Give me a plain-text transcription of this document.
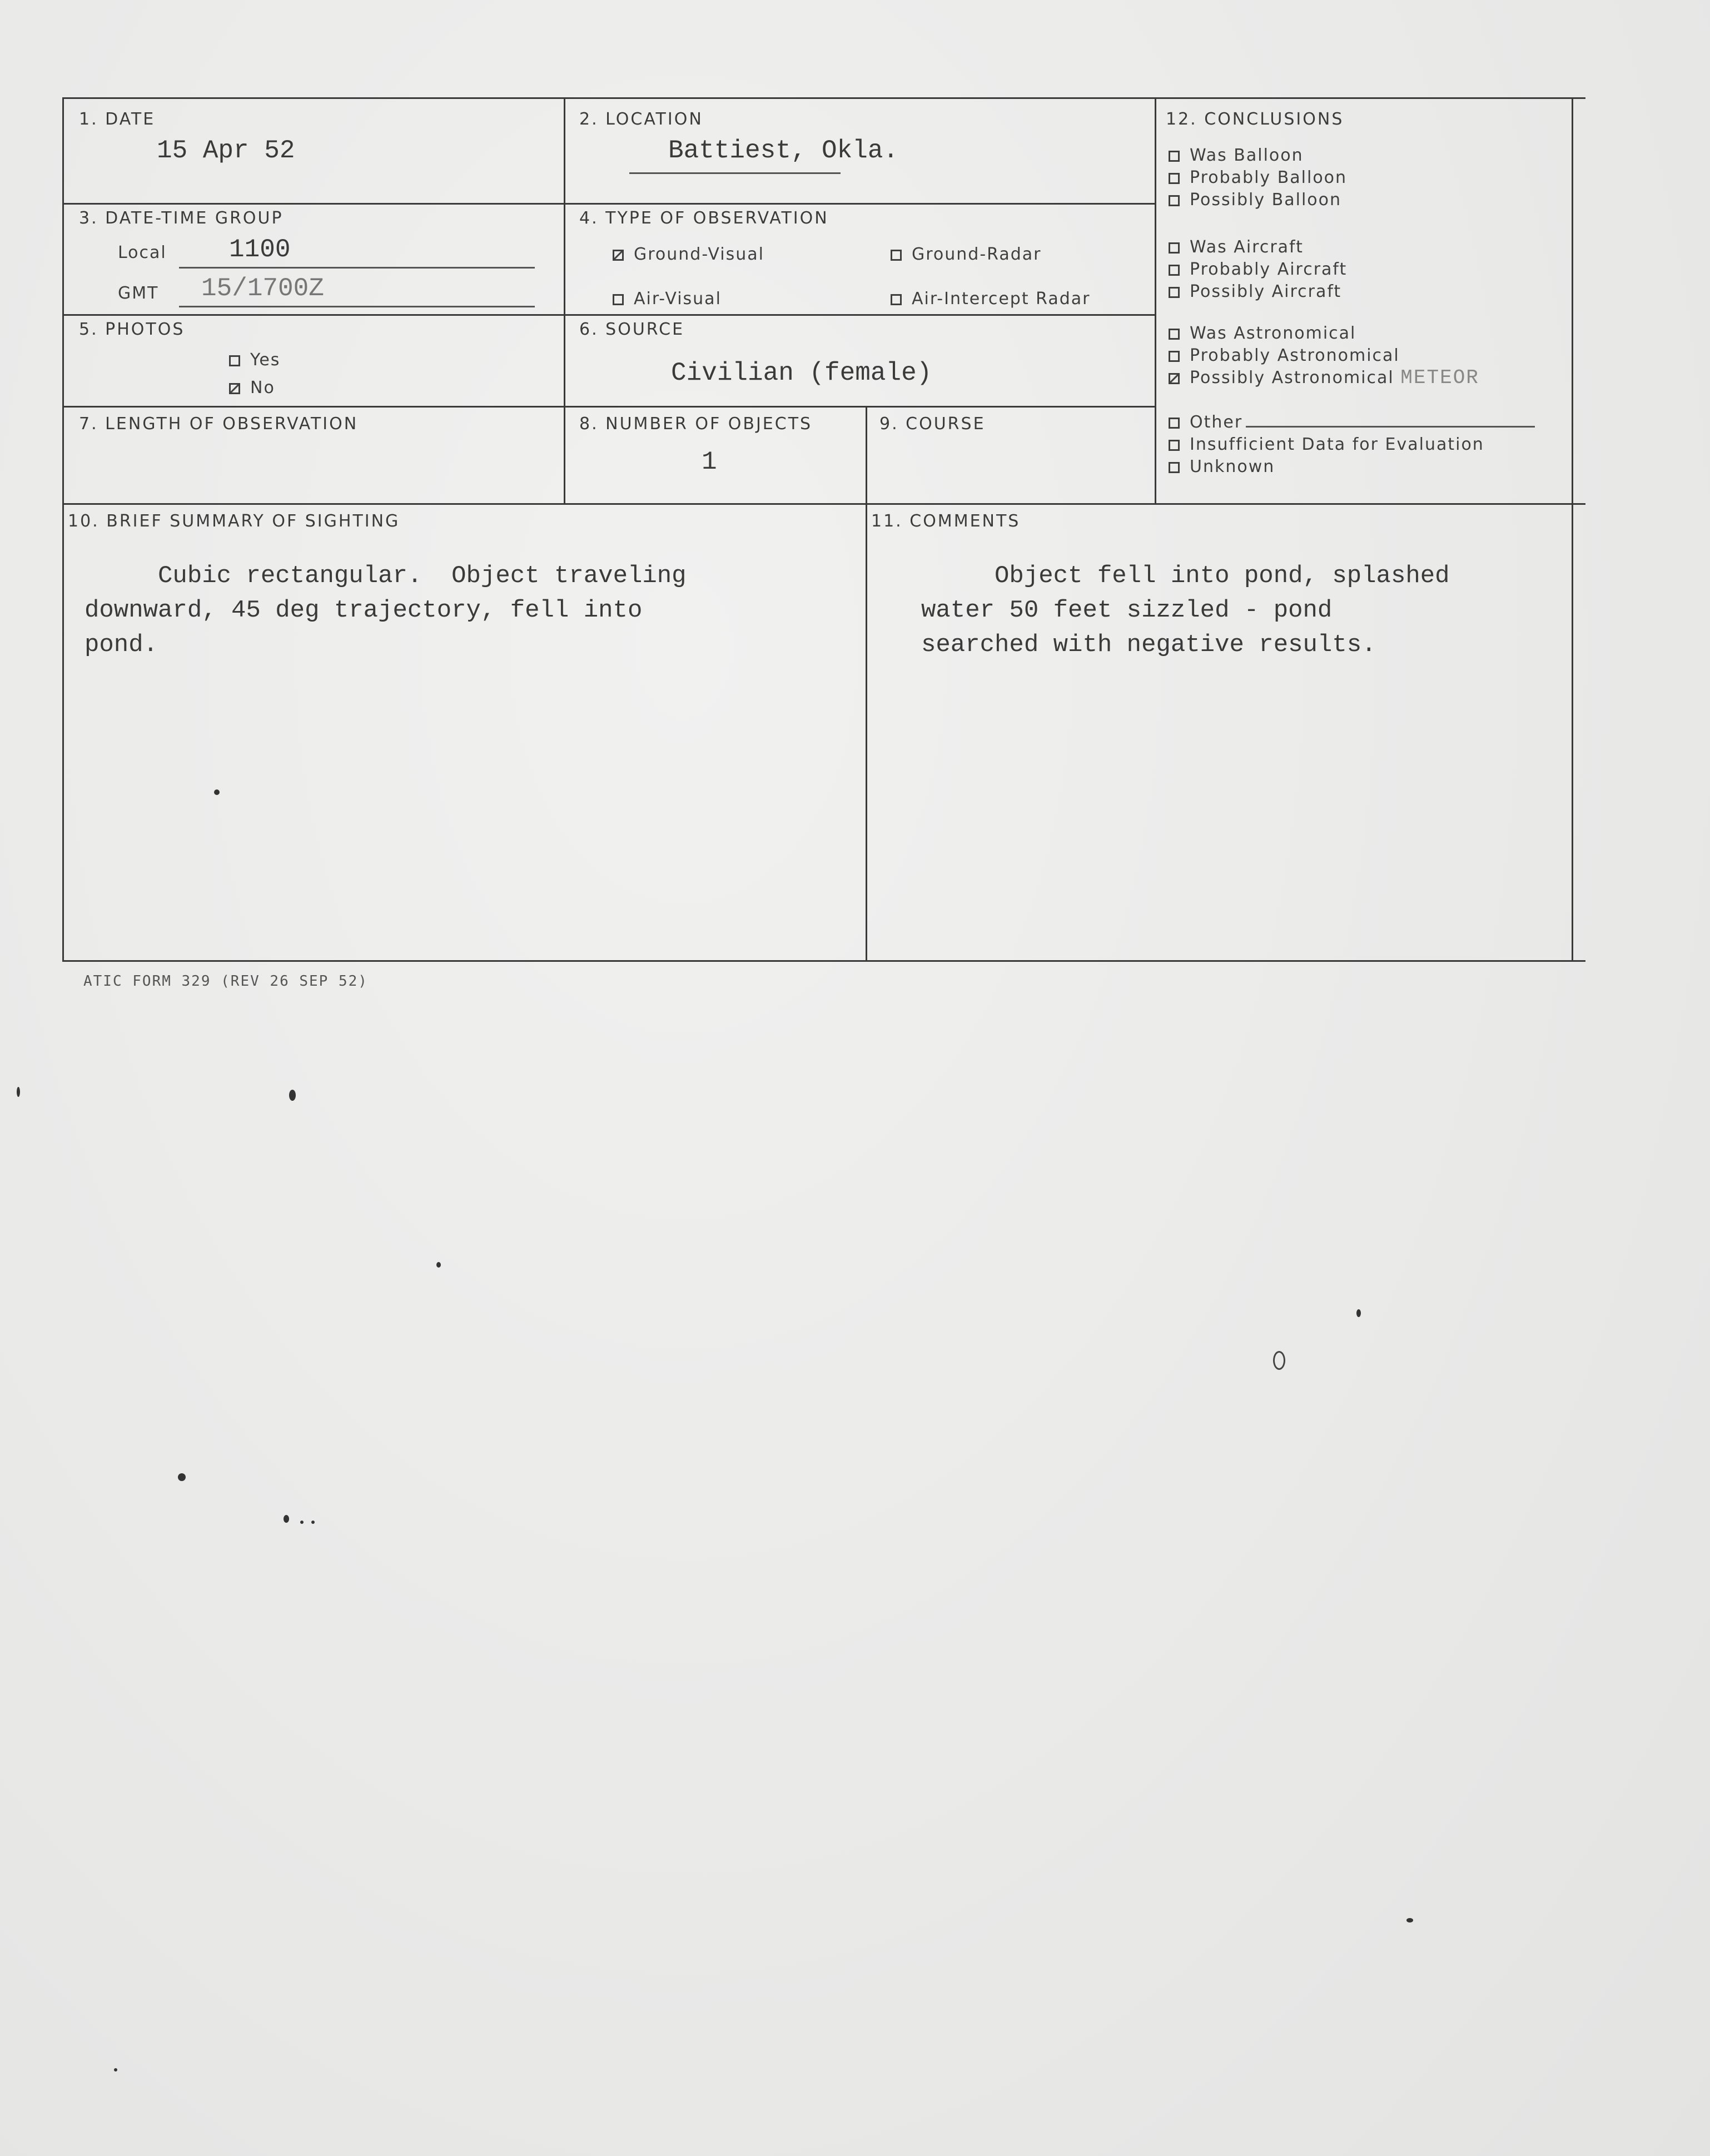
1. DATE
15 Apr 52
2. LOCATION
Battiest, Okla.
3. DATE-TIME GROUP
Local 1100
GMT 15/1700Z
4. TYPE OF OBSERVATION
Ground-Visual	Ground-Radar
Air-Visual	Air-Intercept Radar
5. PHOTOS
Yes
No
6. SOURCE
Civilian (female)
7. LENGTH OF OBSERVATION	8. NUMBER OF OBJECTS
1
9. COURSE
10. BRIEF SUMMARY OF SIGHTING
Cubic rectangular.  Object traveling
downward, 45 deg trajectory, fell into
pond.
11. COMMENTS
Object fell into pond, splashed
water 50 feet sizzled - pond
searched with negative results.
12. CONCLUSIONS
Was Balloon
Probably Balloon
Possibly Balloon
Was Aircraft
Probably Aircraft
Possibly Aircraft
Was Astronomical
Probably Astronomical
Possibly Astronomical METEOR
Other
Insufficient Data for Evaluation
Unknown
ATIC FORM 329 (REV 26 SEP 52)
